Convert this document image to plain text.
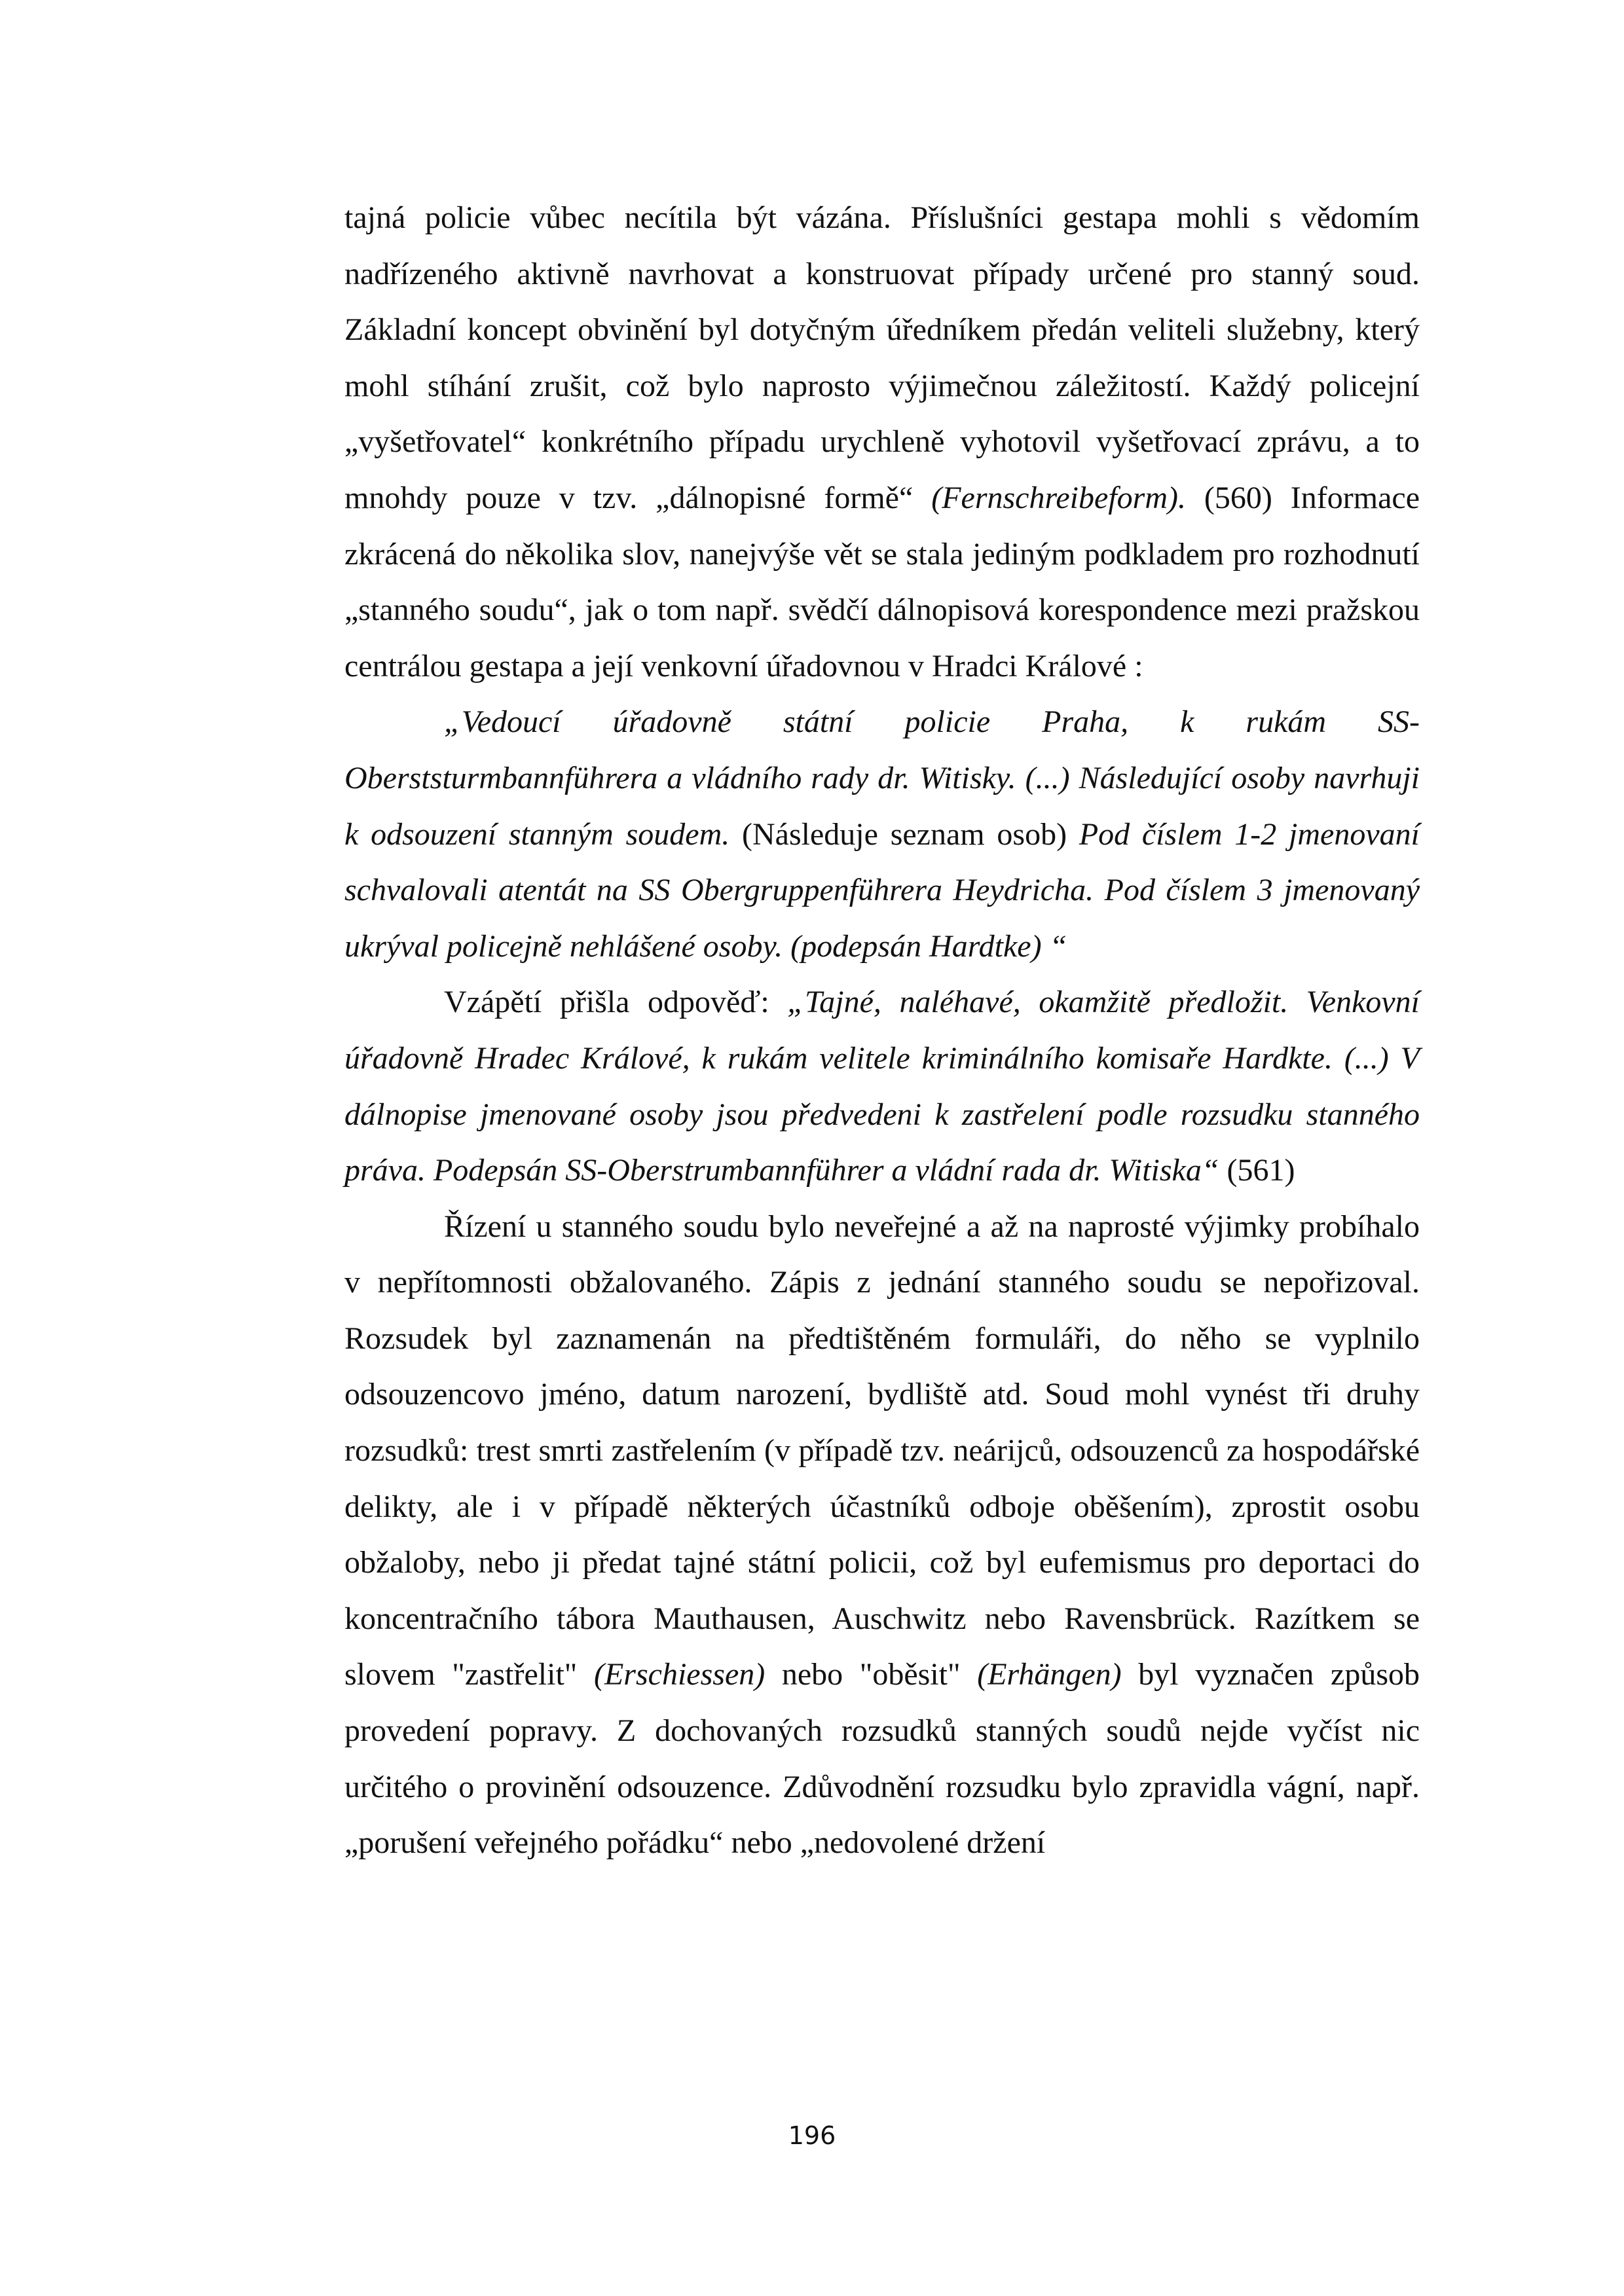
tajná policie vůbec necítila být vázána. Příslušníci gestapa mohli s vědomím nadřízeného aktivně navrhovat a konstruovat případy určené pro stanný soud. Základní koncept obvinění byl dotyčným úředníkem předán veliteli služebny, který mohl stíhání zrušit, což bylo naprosto výjimečnou záležitostí. Každý policejní „vyšetřovatel“ konkrétního případu urychleně vyhotovil vyšetřovací zprávu, a to mnohdy pouze v tzv. „dálnopisné formě“ (Fernschreibeform). (560) Informace zkrácená do několika slov, nanejvýše vět se stala jediným podkladem pro rozhodnutí „stanného soudu“, jak o tom např. svědčí dálnopisová korespondence mezi pražskou centrálou gestapa a její venkovní úřadovnou v Hradci Králové :

„Vedoucí úřadovně státní policie Praha, k rukám SS-Oberststurmbannführera a vládního rady dr. Witisky. (...) Následující osoby navrhuji k odsouzení stanným soudem. (Následuje seznam osob) Pod číslem 1-2 jmenovaní schvalovali atentát na SS Obergruppenführera Heydricha. Pod číslem 3 jmenovaný ukrýval policejně nehlášené osoby. (podepsán Hardtke) “

Vzápětí přišla odpověď: „Tajné, naléhavé, okamžitě předložit. Venkovní úřadovně Hradec Králové, k rukám velitele kriminálního komisaře Hardkte. (...) V dálnopise jmenované osoby jsou předvedeni k zastřelení podle rozsudku stanného práva. Podepsán SS-Oberstrumbannführer a vládní rada dr. Witiska“ (561)

Řízení u stanného soudu bylo neveřejné a až na naprosté výjimky probíhalo v nepřítomnosti obžalovaného. Zápis z jednání stanného soudu se nepořizoval. Rozsudek byl zaznamenán na předtištěném formuláři, do něho se vyplnilo odsouzencovo jméno, datum narození, bydliště atd. Soud mohl vynést tři druhy rozsudků: trest smrti zastřelením (v případě tzv. neárijců, odsouzenců za hospodářské delikty, ale i v případě některých účastníků odboje oběšením), zprostit osobu obžaloby, nebo ji předat tajné státní policii, což byl eufemismus pro deportaci do koncentračního tábora Mauthausen, Auschwitz nebo Ravensbrück. Razítkem se slovem "zastřelit" (Erschiessen) nebo "oběsit" (Erhängen) byl vyznačen způsob provedení popravy. Z dochovaných rozsudků stanných soudů nejde vyčíst nic určitého o provinění odsouzence. Zdůvodnění rozsudku bylo zpravidla vágní, např. „porušení veřejného pořádku“ nebo „nedovolené držení

196
